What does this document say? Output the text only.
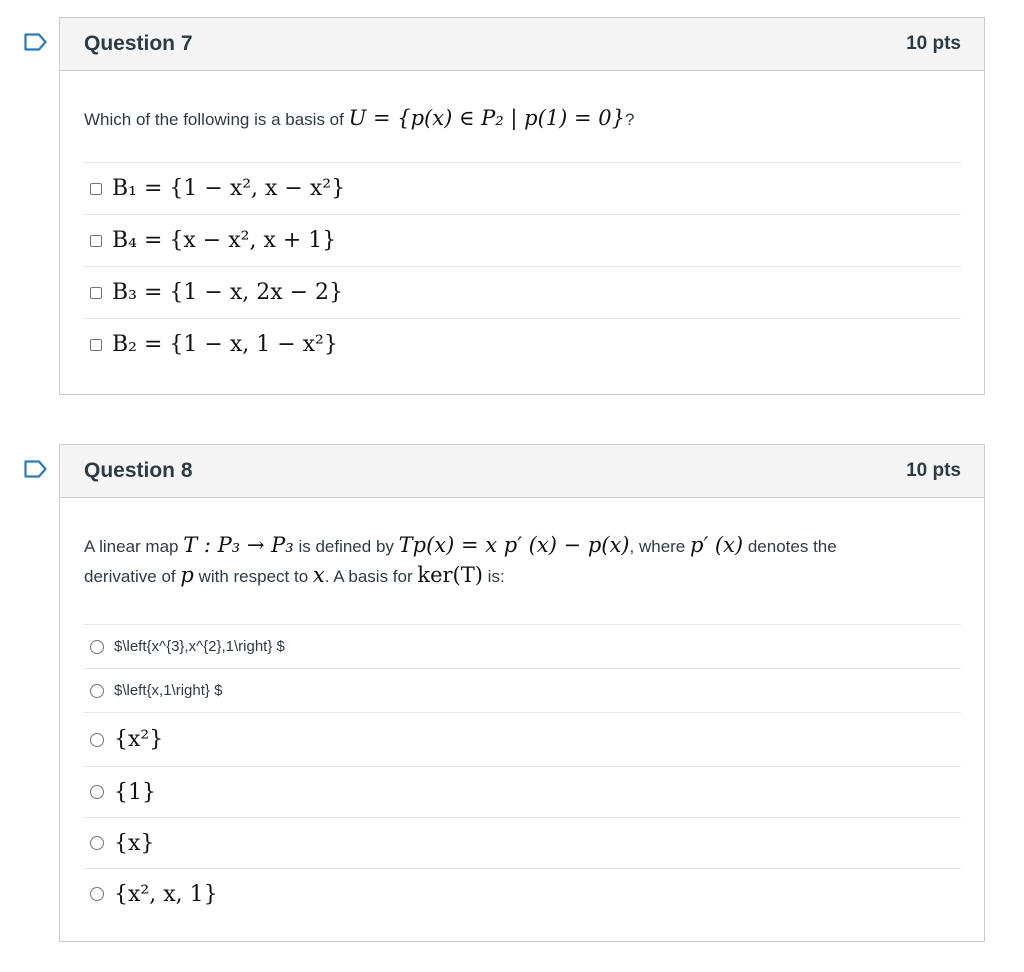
Question 7	10 pts
Which of the following is a basis of U = {p(x) ∈ P₂ | p(1) = 0}?
B₁ = {1 − x², x − x²}
B₄ = {x − x², x + 1}
B₃ = {1 − x, 2x − 2}
B₂ = {1 − x, 1 − x²}
Question 8	10 pts
A linear map T : P₃ → P₃ is defined by Tp(x) = x p′ (x) − p(x), where p′ (x) denotes the
derivative of p with respect to x. A basis for ker(T) is:
$\left{x^{3},x^{2},1\right} $
$\left{x,1\right} $
{x²}
{1}
{x}
{x², x, 1}
